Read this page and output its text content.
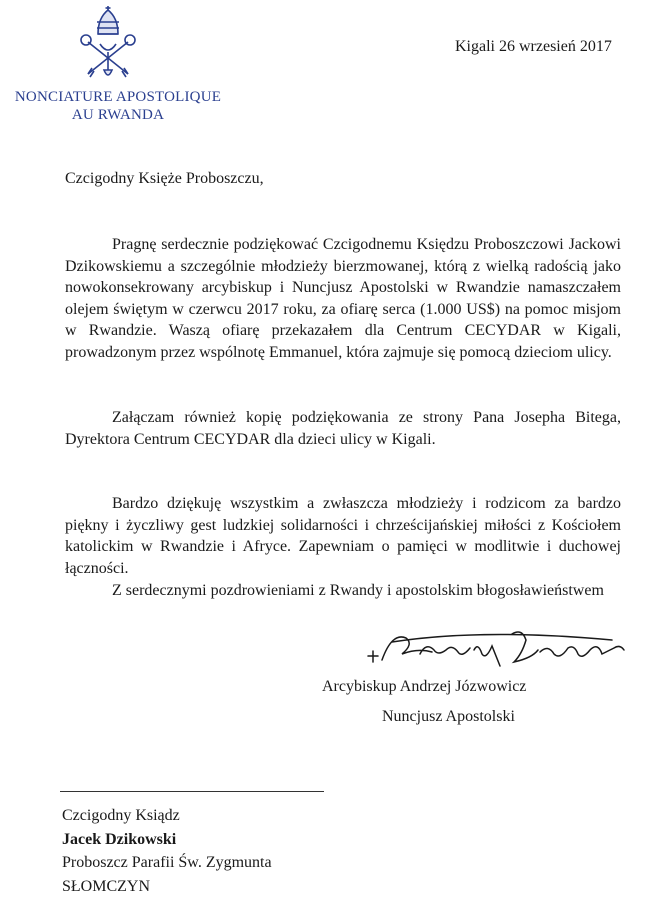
NONCIATURE APOSTOLIQUE
AU RWANDA
Kigali 26 wrzesień 2017
Czcigodny Księże Proboszczu,

Pragnę serdecznie podziękować Czcigodnemu Księdzu Proboszczowi Jackowi Dzikowskiemu a szczególnie młodzieży bierzmowanej, którą z wielką radością jako nowokonsekrowany arcybiskup i Nuncjusz Apostolski w Rwandzie namaszczałem olejem świętym w czerwcu 2017 roku, za ofiarę serca (1.000 US$) na pomoc misjom w Rwandzie. Waszą ofiarę przekazałem dla Centrum CECYDAR w Kigali, prowadzonym przez wspólnotę Emmanuel, która zajmuje się pomocą dzieciom ulicy.

Załączam również kopię podziękowania ze strony Pana Josepha Bitega, Dyrektora Centrum CECYDAR dla dzieci ulicy w Kigali.

Bardzo dziękuję wszystkim a zwłaszcza młodzieży i rodzicom za bardzo piękny i życzliwy gest ludzkiej solidarności i chrześcijańskiej miłości z Kościołem katolickim w Rwandzie i Afryce. Zapewniam o pamięci w modlitwie i duchowej łączności.

Z serdecznymi pozdrowieniami z Rwandy i apostolskim błogosławieństwem

Arcybiskup Andrzej Józwowicz
Nuncjusz Apostolski
Czcigodny Ksiądz
Jacek Dzikowski
Proboszcz Parafii Św. Zygmunta
SŁOMCZYN
